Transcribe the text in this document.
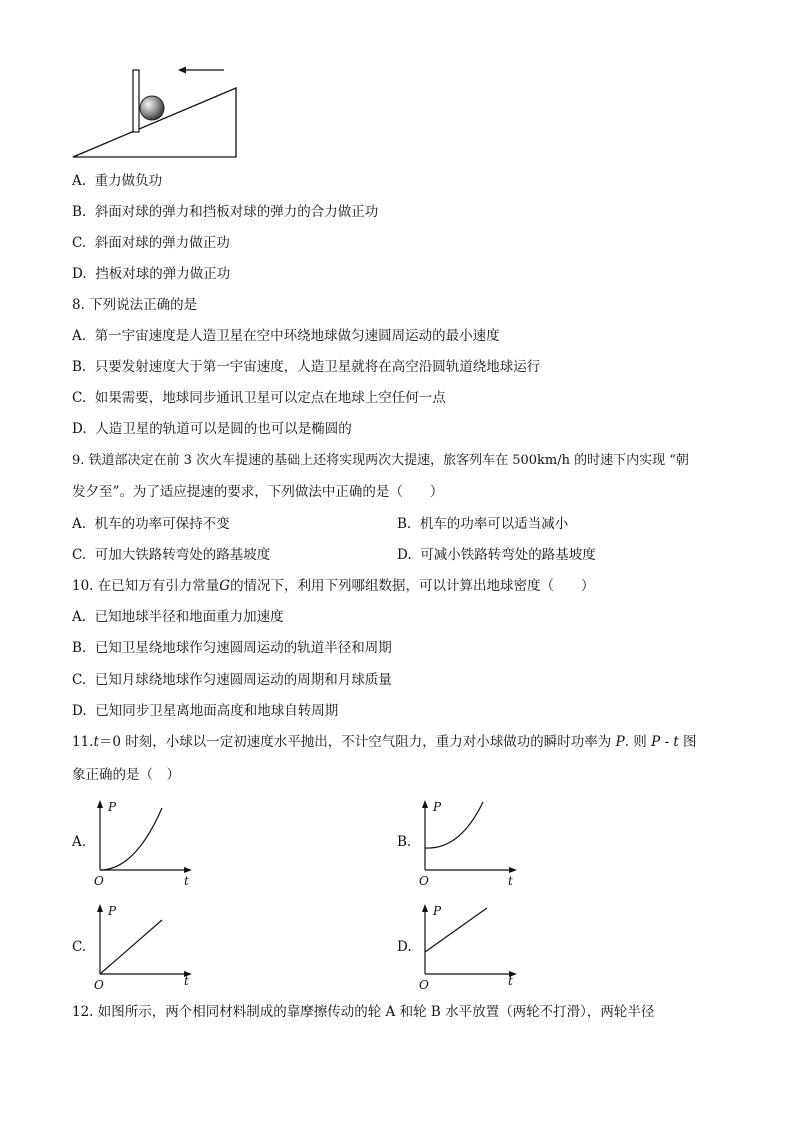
A. 重力做负功
B. 斜面对球的弹力和挡板对球的弹力的合力做正功
C. 斜面对球的弹力做正功
D. 挡板对球的弹力做正功
8. 下列说法正确的是
A. 第一宇宙速度是人造卫星在空中环绕地球做匀速圆周运动的最小速度
B. 只要发射速度大于第一宇宙速度，人造卫星就将在高空沿圆轨道绕地球运行
C. 如果需要，地球同步通讯卫星可以定点在地球上空任何一点
D. 人造卫星的轨道可以是圆的也可以是椭圆的
9. 铁道部决定在前 3 次火车提速的基础上还将实现两次大提速，旅客列车在 500km/h 的时速下内实现 “朝
发夕至”。为了适应提速的要求，下列做法中正确的是（　　）
A. 机车的功率可保持不变	B. 机车的功率可以适当减小
C. 可加大铁路转弯处的路基坡度	D. 可减小铁路转弯处的路基坡度
10. 在已知万有引力常量G的情况下，利用下列哪组数据，可以计算出地球密度（　　）
A. 已知地球半径和地面重力加速度
B. 已知卫星绕地球作匀速圆周运动的轨道半径和周期
C. 已知月球绕地球作匀速圆周运动的周期和月球质量
D. 已知同步卫星离地面高度和地球自转周期
11.t＝0 时刻，小球以一定初速度水平抛出，不计空气阻力，重力对小球做功的瞬时功率为 P. 则 P - t 图
象正确的是（　）
A.
P
O	t
B.
P
O	t
C.
P
O	t
D.
P
O	t
12. 如图所示，两个相同材料制成的靠摩擦传动的轮 A 和轮 B 水平放置（两轮不打滑），两轮半径
